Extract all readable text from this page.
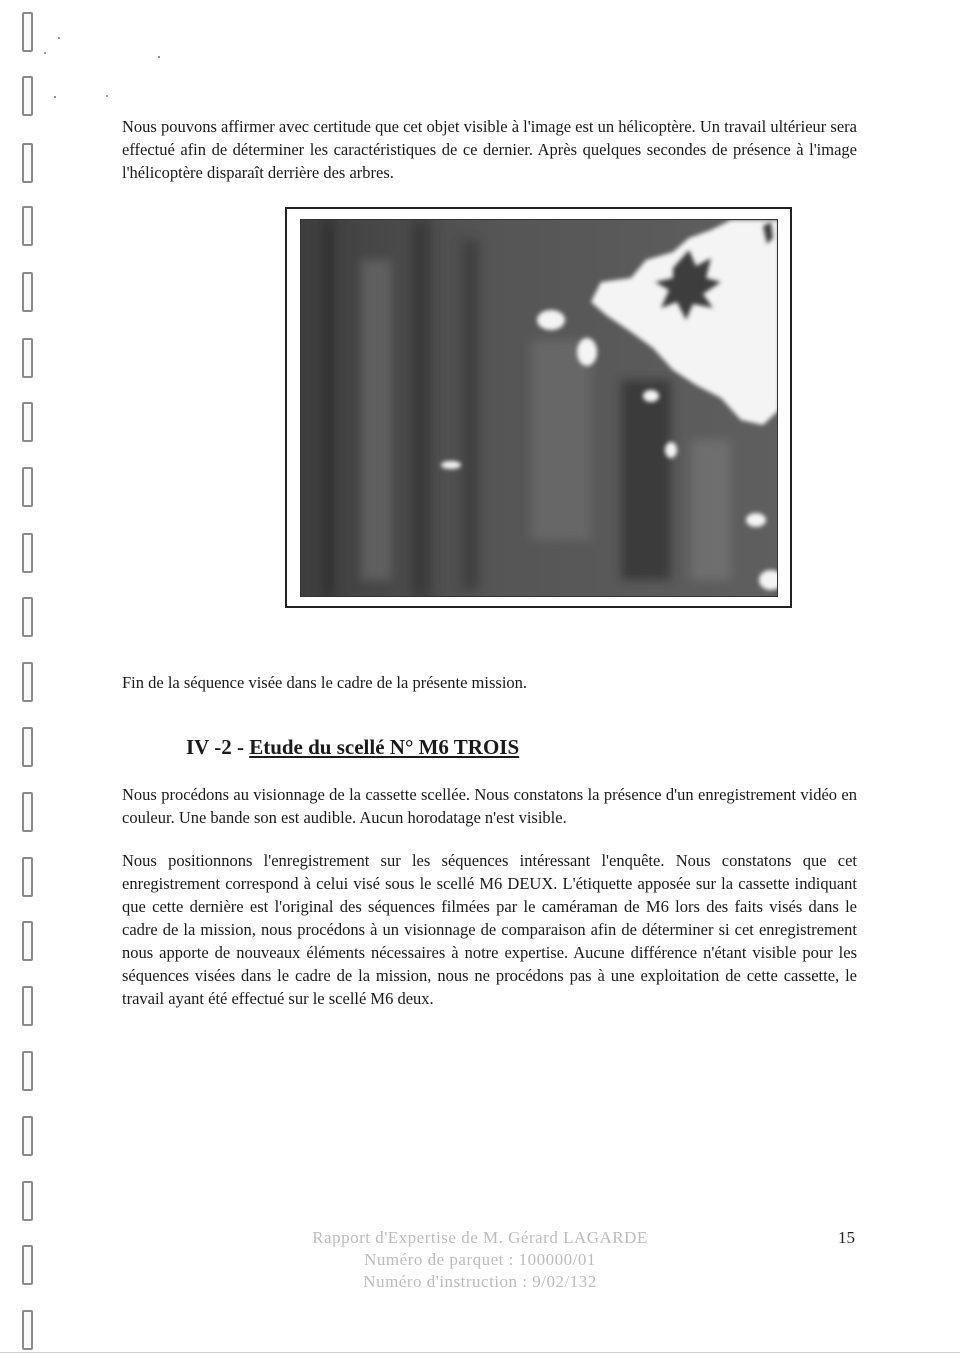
Nous pouvons affirmer avec certitude que cet objet visible à l'image est un hélicoptère. Un travail ultérieur sera effectué afin de déterminer les caractéristiques de ce dernier. Après quelques secondes de présence à l'image l'hélicoptère disparaît derrière des arbres.

Fin de la séquence visée dans le cadre de la présente mission.

IV -2 - Etude du scellé N° M6 TROIS

Nous procédons au visionnage de la cassette scellée. Nous constatons la présence d'un enregistrement vidéo en couleur. Une bande son est audible. Aucun horodatage n'est visible.

Nous positionnons l'enregistrement sur les séquences intéressant l'enquête. Nous constatons que cet enregistrement correspond à celui visé sous le scellé M6 DEUX. L'étiquette apposée sur la cassette indiquant que cette dernière est l'original des séquences filmées par le caméraman de M6 lors des faits visés dans le cadre de la mission, nous procédons à un visionnage de comparaison afin de déterminer si cet enregistrement nous apporte de nouveaux éléments nécessaires à notre expertise. Aucune différence n'étant visible pour les séquences visées dans le cadre de la mission, nous ne procédons pas à une exploitation de cette cassette, le travail ayant été effectué sur le scellé M6 deux.

Rapport d'Expertise de M. Gérard LAGARDE
Numéro de parquet : 100000/01
Numéro d'instruction : 9/02/132
15
